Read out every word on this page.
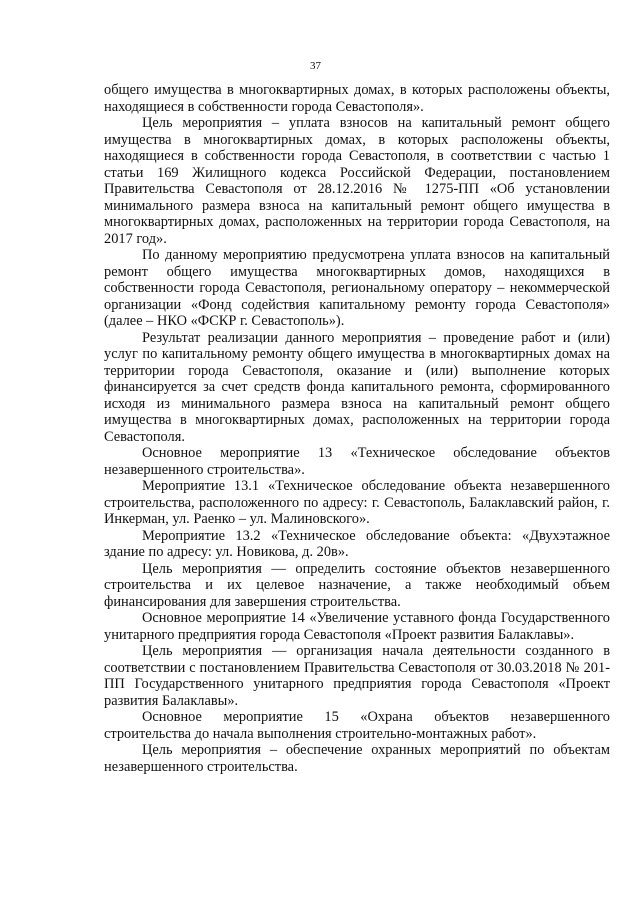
37

общего имущества в многоквартирных домах, в которых расположены объекты, находящиеся в собственности города Севастополя».

Цель мероприятия – уплата взносов на капитальный ремонт общего имущества в многоквартирных домах, в которых расположены объекты, находящиеся в собственности города Севастополя, в соответствии с частью 1 статьи 169 Жилищного кодекса Российской Федерации, постановлением Правительства Севастополя от 28.12.2016 № 1275-ПП «Об установлении минимального размера взноса на капитальный ремонт общего имущества в многоквартирных домах, расположенных на территории города Севастополя, на 2017 год».

По данному мероприятию предусмотрена уплата взносов на капитальный ремонт общего имущества многоквартирных домов, находящихся в собственности города Севастополя, региональному оператору – некоммерческой организации «Фонд содействия капитальному ремонту города Севастополя» (далее – НКО «ФСКР г. Севастополь»).

Результат реализации данного мероприятия – проведение работ и (или) услуг по капитальному ремонту общего имущества в многоквартирных домах на территории города Севастополя, оказание и (или) выполнение которых финансируется за счет средств фонда капитального ремонта, сформированного исходя из минимального размера взноса на капитальный ремонт общего имущества в многоквартирных домах, расположенных на территории города Севастополя.

Основное мероприятие 13 «Техническое обследование объектов незавершенного строительства».

Мероприятие 13.1 «Техническое обследование объекта незавершенного строительства, расположенного по адресу: г. Севастополь, Балаклавский район, г. Инкерман, ул. Раенко – ул. Малиновского».

Мероприятие 13.2 «Техническое обследование объекта: «Двухэтажное здание по адресу: ул. Новикова, д. 20в».

Цель мероприятия — определить состояние объектов незавершенного строительства и их целевое назначение, а также необходимый объем финансирования для завершения строительства.

Основное мероприятие 14 «Увеличение уставного фонда Государственного унитарного предприятия города Севастополя «Проект развития Балаклавы».

Цель мероприятия — организация начала деятельности созданного в соответствии с постановлением Правительства Севастополя от 30.03.2018 № 201-ПП Государственного унитарного предприятия города Севастополя «Проект развития Балаклавы».

Основное мероприятие 15 «Охрана объектов незавершенного строительства до начала выполнения строительно-монтажных работ».

Цель мероприятия – обеспечение охранных мероприятий по объектам незавершенного строительства.
